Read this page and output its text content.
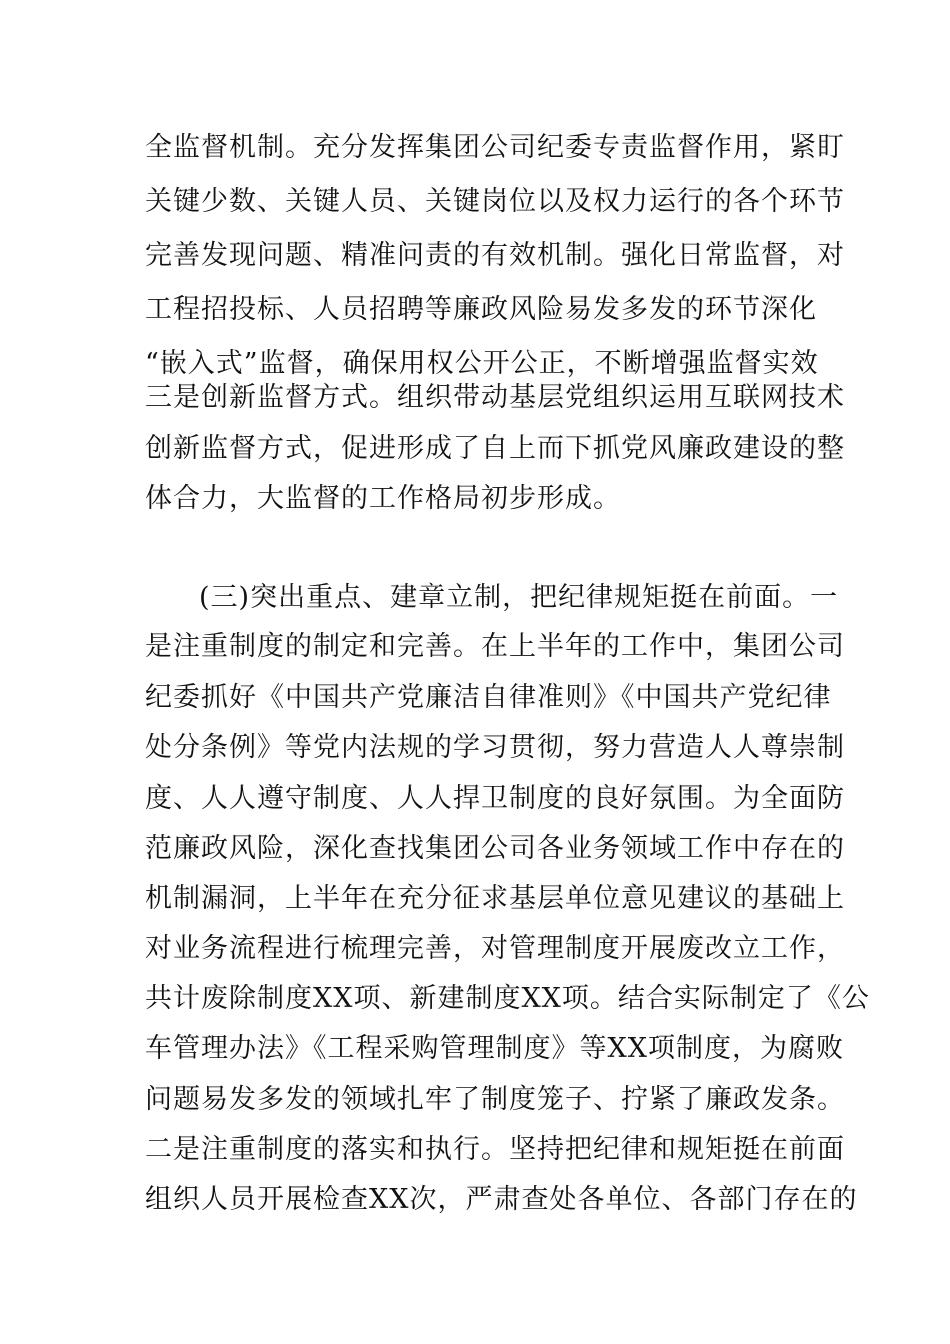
全监督机制。充分发挥集团公司纪委专责监督作用，紧盯
关键少数、关键人员、关键岗位以及权力运行的各个环节
完善发现问题、精准问责的有效机制。强化日常监督，对
工程招投标、人员招聘等廉政风险易发多发的环节深化
“嵌入式”监督，确保用权公开公正，不断增强监督实效
三是创新监督方式。组织带动基层党组织运用互联网技术
创新监督方式，促进形成了自上而下抓党风廉政建设的整
体合力，大监督的工作格局初步形成。
(三)突出重点、建章立制，把纪律规矩挺在前面。一
是注重制度的制定和完善。在上半年的工作中，集团公司
纪委抓好《中国共产党廉洁自律准则》《中国共产党纪律
处分条例》等党内法规的学习贯彻，努力营造人人尊崇制
度、人人遵守制度、人人捍卫制度的良好氛围。为全面防
范廉政风险，深化查找集团公司各业务领域工作中存在的
机制漏洞，上半年在充分征求基层单位意见建议的基础上
对业务流程进行梳理完善，对管理制度开展废改立工作，
共计废除制度XX项、新建制度XX项。结合实际制定了《公
车管理办法》《工程采购管理制度》等XX项制度，为腐败
问题易发多发的领域扎牢了制度笼子、拧紧了廉政发条。
二是注重制度的落实和执行。坚持把纪律和规矩挺在前面
组织人员开展检查XX次，严肃查处各单位、各部门存在的
